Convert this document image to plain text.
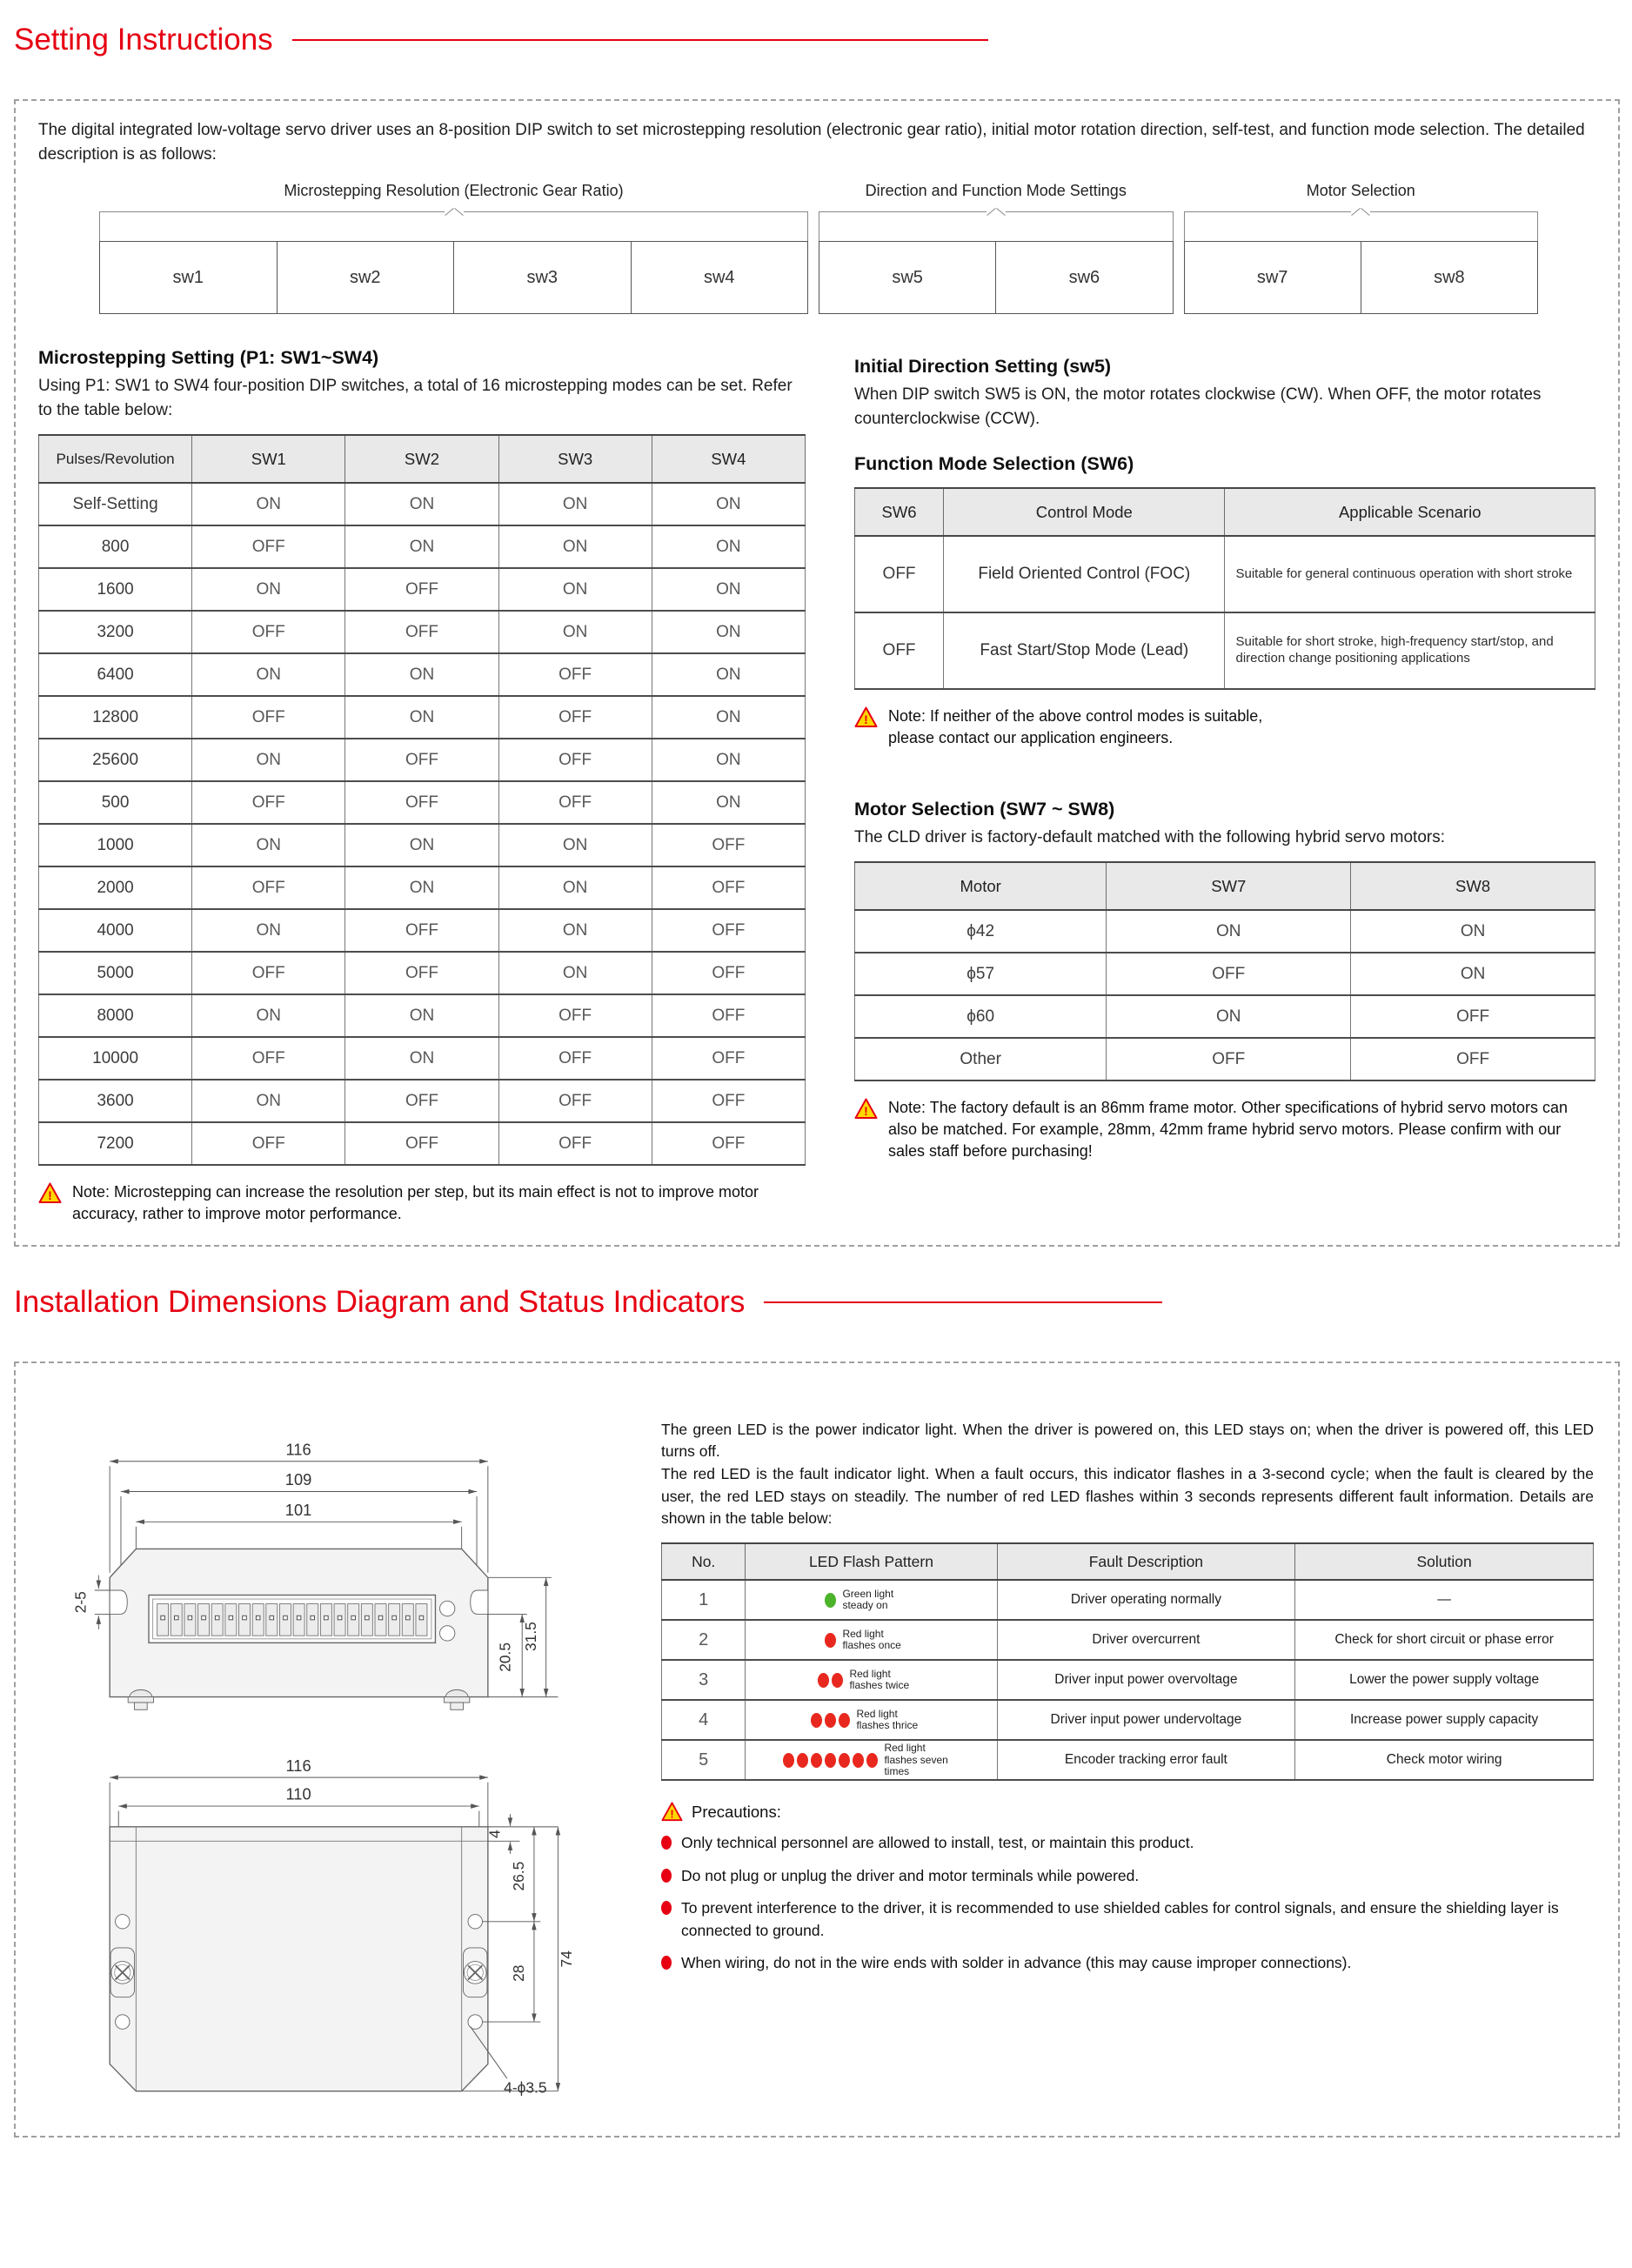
Setting Instructions

The digital integrated low-voltage servo driver uses an 8-position DIP switch to set microstepping resolution (electronic gear ratio), initial motor rotation direction, self-test, and function mode selection. The detailed description is as follows:

Microstepping Resolution (Electronic Gear Ratio)
sw1	sw2	sw3	sw4
Direction and Function Mode Settings
sw5	sw6
Motor Selection
sw7	sw8
Microstepping Setting (P1: SW1~SW4)

Using P1: SW1 to SW4 four-position DIP switches, a total of 16 microstepping modes can be set. Refer to the table below:

Pulses/Revolution	SW1	SW2	SW3	SW4
Self-Setting	ON	ON	ON	ON
800	OFF	ON	ON	ON
1600	ON	OFF	ON	ON
3200	OFF	OFF	ON	ON
6400	ON	ON	OFF	ON
12800	OFF	ON	OFF	ON
25600	ON	OFF	OFF	ON
500	OFF	OFF	OFF	ON
1000	ON	ON	ON	OFF
2000	OFF	ON	ON	OFF
4000	ON	OFF	ON	OFF
5000	OFF	OFF	ON	OFF
8000	ON	ON	OFF	OFF
10000	OFF	ON	OFF	OFF
3600	ON	OFF	OFF	OFF
7200	OFF	OFF	OFF	OFF
! Note: Microstepping can increase the resolution per step, but its main effect is not to improve motor accuracy, rather to improve motor performance.
Initial Direction Setting (sw5)

When DIP switch SW5 is ON, the motor rotates clockwise (CW). When OFF, the motor rotates counterclockwise (CCW).

Function Mode Selection (SW6)
SW6	Control Mode	Applicable Scenario
OFF	Field Oriented Control (FOC)	Suitable for general continuous operation with short stroke
OFF	Fast Start/Stop Mode (Lead)	Suitable for short stroke, high-frequency start/stop, and direction change positioning applications
! Note: If neither of the above control modes is suitable, please contact our application engineers.
Motor Selection (SW7 ~ SW8)

The CLD driver is factory-default matched with the following hybrid servo motors:

Motor	SW7	SW8
ϕ42	ON	ON
ϕ57	OFF	ON
ϕ60	ON	OFF
Other	OFF	OFF
! Note: The factory default is an 86mm frame motor. Other specifications of hybrid servo motors can also be matched. For example, 28mm, 42mm frame hybrid servo motors. Please confirm with our sales staff before purchasing!
Installation Dimensions Diagram and Status Indicators
116
109
101
2-5
20.5
31.5
116
110
4
26.5
28
74
4-ϕ3.5

The green LED is the power indicator light. When the driver is powered on, this LED stays on; when the driver is powered off, this LED turns off.

The red LED is the fault indicator light. When a fault occurs, this indicator flashes in a 3-second cycle; when the fault is cleared by the user, the red LED stays on steadily. The number of red LED flashes within 3 seconds represents different fault information. Details are shown in the table below:

No.	LED Flash Pattern	Fault Description	Solution
1	Green light steady on	Driver operating normally	—
2	Red light flashes once	Driver overcurrent	Check for short circuit or phase error
3	Red light flashes twice	Driver input power overvoltage	Lower the power supply voltage
4	Red light flashes thrice	Driver input power undervoltage	Increase power supply capacity
5	Red light flashes seven times	Encoder tracking error fault	Check motor wiring
! Precautions:
Only technical personnel are allowed to install, test, or maintain this product.
Do not plug or unplug the driver and motor terminals while powered.
To prevent interference to the driver, it is recommended to use shielded cables for control signals, and ensure the shielding layer is connected to ground.
When wiring, do not in the wire ends with solder in advance (this may cause improper connections).
